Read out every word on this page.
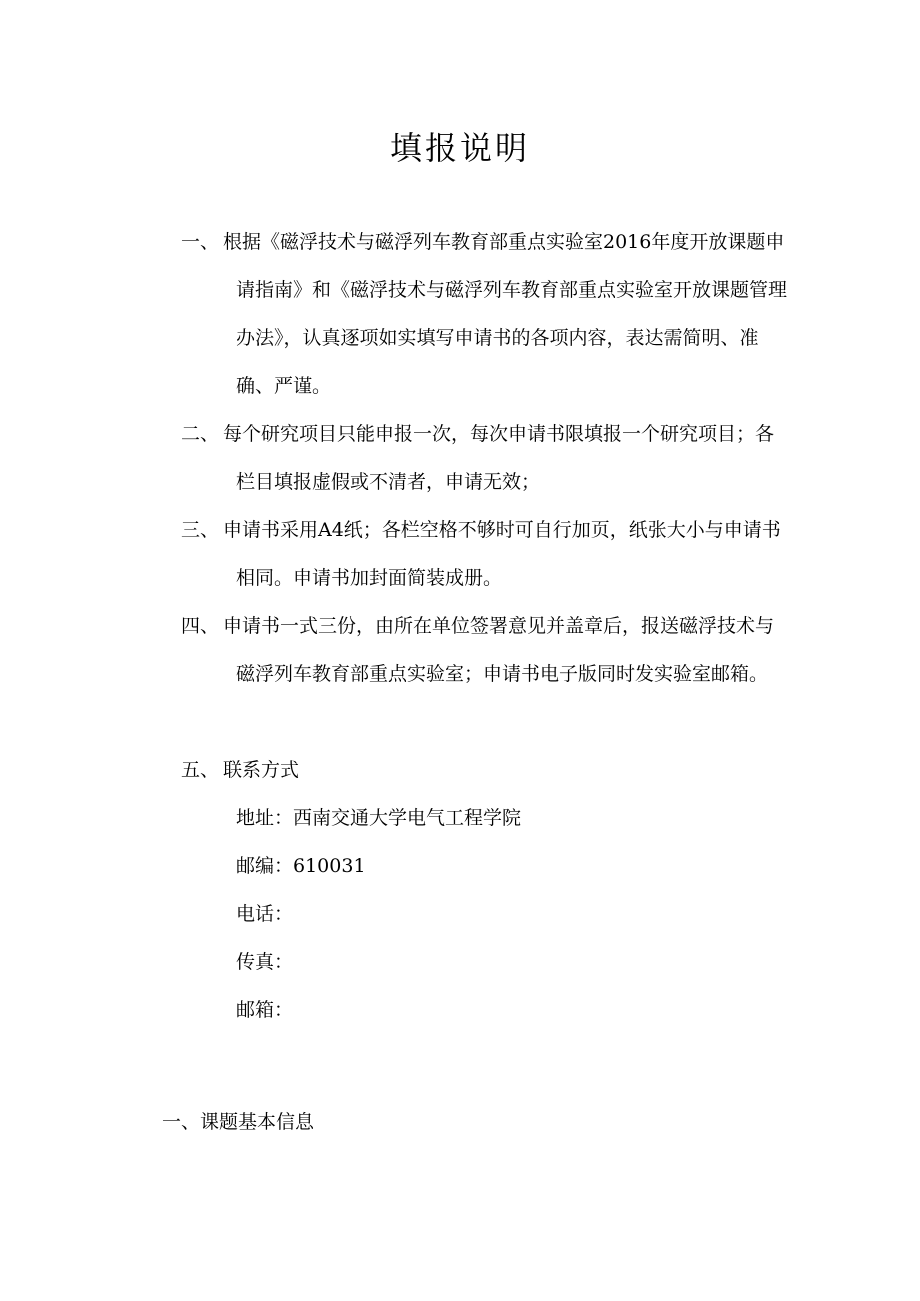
填报说明
一、 根据《磁浮技术与磁浮列车教育部重点实验室2016年度开放课题申请指南》和《磁浮技术与磁浮列车教育部重点实验室开放课题管理办法》，认真逐项如实填写申请书的各项内容，表达需简明、准确、严谨。
二、 每个研究项目只能申报一次，每次申请书限填报一个研究项目；各栏目填报虚假或不清者，申请无效；
三、 申请书采用A4纸；各栏空格不够时可自行加页，纸张大小与申请书相同。申请书加封面简装成册。
四、 申请书一式三份，由所在单位签署意见并盖章后，报送磁浮技术与磁浮列车教育部重点实验室；申请书电子版同时发实验室邮箱。
五、 联系方式
地址：西南交通大学电气工程学院
邮编：610031
电话：
传真：
邮箱：
一、课题基本信息
